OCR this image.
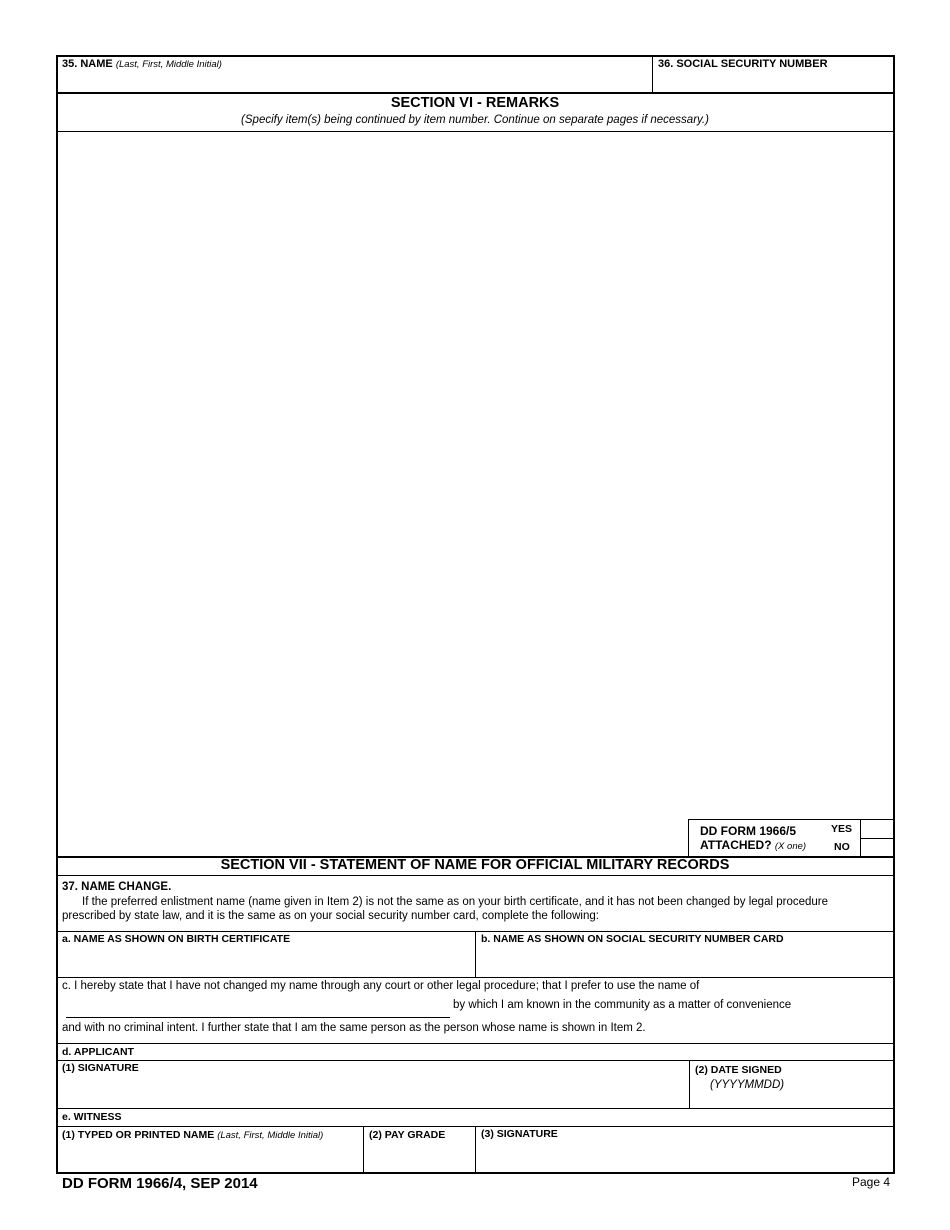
35. NAME (Last, First, Middle Initial)	36. SOCIAL SECURITY NUMBER
SECTION VI - REMARKS
(Specify item(s) being continued by item number. Continue on separate pages if necessary.)
DD FORM 1966/5
ATTACHED? (X one)
YES
NO
SECTION VII - STATEMENT OF NAME FOR OFFICIAL MILITARY RECORDS
37. NAME CHANGE.
If the preferred enlistment name (name given in Item 2) is not the same as on your birth certificate, and it has not been changed by legal procedure
prescribed by state law, and it is the same as on your social security number card, complete the following:
a. NAME AS SHOWN ON BIRTH CERTIFICATE	b. NAME AS SHOWN ON SOCIAL SECURITY NUMBER CARD
c. I hereby state that I have not changed my name through any court or other legal procedure; that I prefer to use the name of
by which I am known in the community as a matter of convenience
and with no criminal intent. I further state that I am the same person as the person whose name is shown in Item 2.
d. APPLICANT
(1) SIGNATURE	(2) DATE SIGNED
(YYYYMMDD)
e. WITNESS
(1) TYPED OR PRINTED NAME (Last, First, Middle Initial)	(2) PAY GRADE	(3) SIGNATURE
DD FORM 1966/4, SEP 2014	Page 4
